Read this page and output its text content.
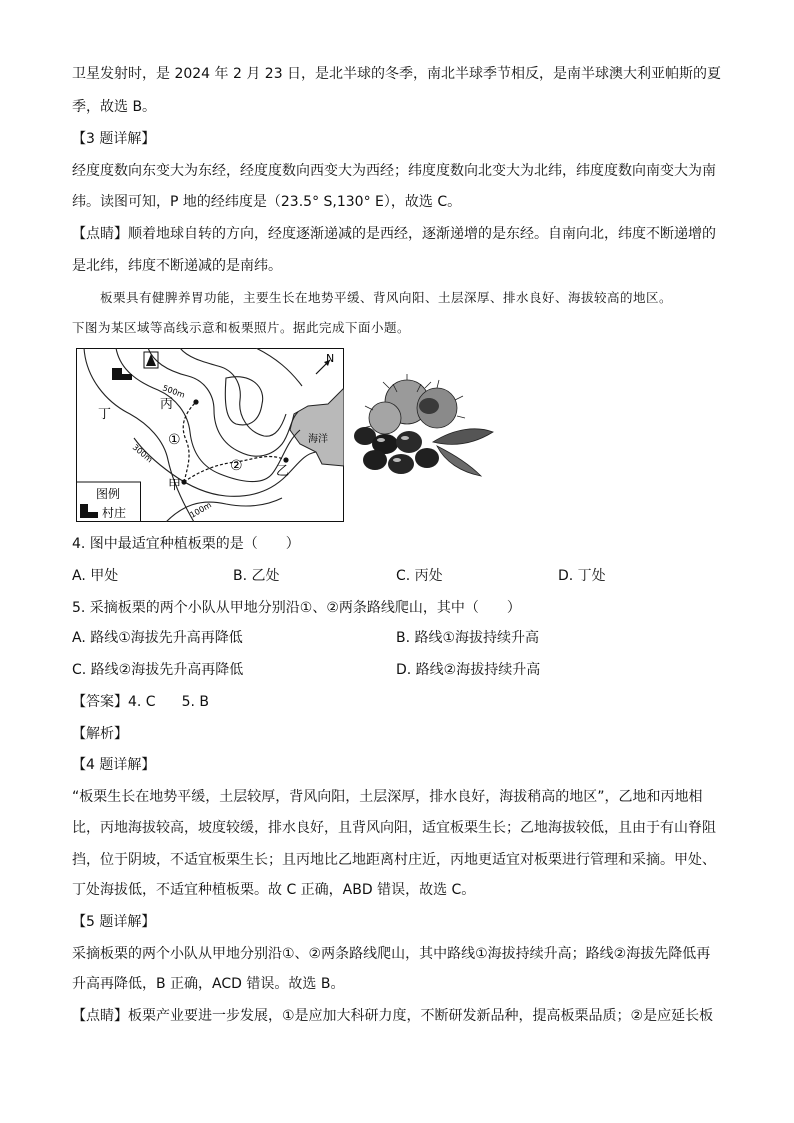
卫星发射时，是 2024 年 2 月 23 日，是北半球的冬季，南北半球季节相反，是南半球澳大利亚帕斯的夏
季，故选 B。
【3 题详解】
经度度数向东变大为东经，经度度数向西变大为西经；纬度度数向北变大为北纬，纬度度数向南变大为南
纬。读图可知，P 地的经纬度是（23.5° S,130° E），故选 C。
【点睛】顺着地球自转的方向，经度逐渐递减的是西经，逐渐递增的是东经。自南向北，纬度不断递增的
是北纬，纬度不断递减的是南纬。
板栗具有健脾养胃功能，主要生长在地势平缓、背风向阳、土层深厚、排水良好、海拔较高的地区。
下图为某区域等高线示意和板栗照片。据此完成下面小题。
N
海洋
500m
300m
100m
丙
甲
乙
丁
①
②
图例
村庄
4. 图中最适宜种植板栗的是（　　）
A. 甲处	B. 乙处	C. 丙处	D. 丁处
5. 采摘板栗的两个小队从甲地分别沿①、②两条路线爬山，其中（　　）
A. 路线①海拔先升高再降低	B. 路线①海拔持续升高
C. 路线②海拔先升高再降低	D. 路线②海拔持续升高
【答案】4. C 5. B
【解析】
【4 题详解】
“板栗生长在地势平缓，土层较厚，背风向阳，土层深厚，排水良好，海拔稍高的地区”，乙地和丙地相
比，丙地海拔较高，坡度较缓，排水良好，且背风向阳，适宜板栗生长；乙地海拔较低，且由于有山脊阻
挡，位于阴坡，不适宜板栗生长；且丙地比乙地距离村庄近，丙地更适宜对板栗进行管理和采摘。甲处、
丁处海拔低，不适宜种植板栗。故 C 正确，ABD 错误，故选 C。
【5 题详解】
采摘板栗的两个小队从甲地分别沿①、②两条路线爬山，其中路线①海拔持续升高；路线②海拔先降低再
升高再降低，B 正确，ACD 错误。故选 B。
【点睛】板栗产业要进一步发展，①是应加大科研力度，不断研发新品种，提高板栗品质；②是应延长板
